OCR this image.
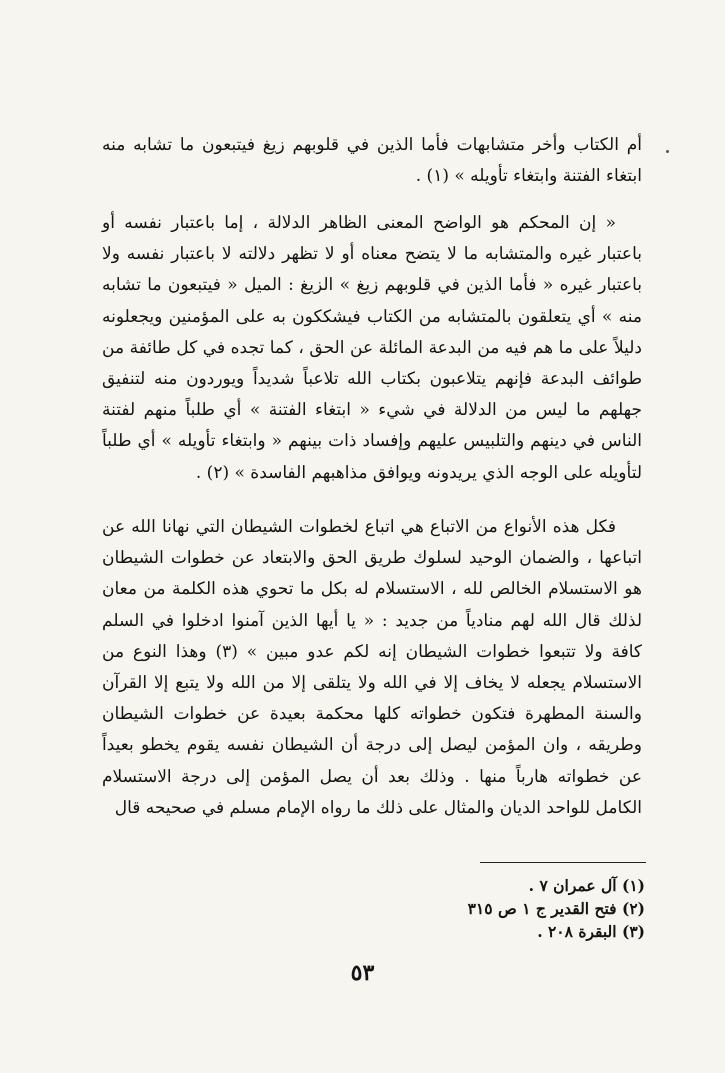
أم الكتاب وأخر متشابهات فأما الذين في قلوبهم زيغ فيتبعون ما تشابه منه ابتغاء الفتنة وابتغاء تأويله » (١) .

« إن المحكم هو الواضح المعنى الظاهر الدلالة ، إما باعتبار نفسه أو باعتبار غيره والمتشابه ما لا يتضح معناه أو لا تظهر دلالته لا باعتبار نفسه ولا باعتبار غيره « فأما الذين في قلوبهم زيغ » الزيغ : الميل « فيتبعون ما تشابه منه » أي يتعلقون بالمتشابه من الكتاب فيشككون به على المؤمنين ويجعلونه دليلاً على ما هم فيه من البدعة المائلة عن الحق ، كما تجده في كل طائفة من طوائف البدعة فإنهم يتلاعبون بكتاب الله تلاعباً شديداً ويوردون منه لتنفيق جهلهم ما ليس من الدلالة في شيء « ابتغاء الفتنة » أي طلباً منهم لفتنة الناس في دينهم والتلبيس عليهم وإفساد ذات بينهم « وابتغاء تأويله » أي طلباً لتأويله على الوجه الذي يريدونه ويوافق مذاهبهم الفاسدة » (٢) .

فكل هذه الأنواع من الاتباع هي اتباع لخطوات الشيطان التي نهانا الله عن اتباعها ، والضمان الوحيد لسلوك طريق الحق والابتعاد عن خطوات الشيطان هو الاستسلام الخالص لله ، الاستسلام له بكل ما تحوي هذه الكلمة من معان لذلك قال الله لهم منادياً من جديد : « يا أيها الذين آمنوا ادخلوا في السلم كافة ولا تتبعوا خطوات الشيطان إنه لكم عدو مبين » (٣) وهذا النوع من الاستسلام يجعله لا يخاف إلا في الله ولا يتلقى إلا من الله ولا يتبع إلا القرآن والسنة المطهرة فتكون خطواته كلها محكمة بعيدة عن خطوات الشيطان وطريقه ، وان المؤمن ليصل إلى درجة أن الشيطان نفسه يقوم يخطو بعيداً عن خطواته هارباً منها . وذلك بعد أن يصل المؤمن إلى درجة الاستسلام الكامل للواحد الديان والمثال على ذلك ما رواه الإمام مسلم في صحيحه قال

(١) آل عمران ٧ .
(٢) فتح القدير ج ١ ص ٣١٥
(٣) البقرة ٢٠٨ .
٥٣
